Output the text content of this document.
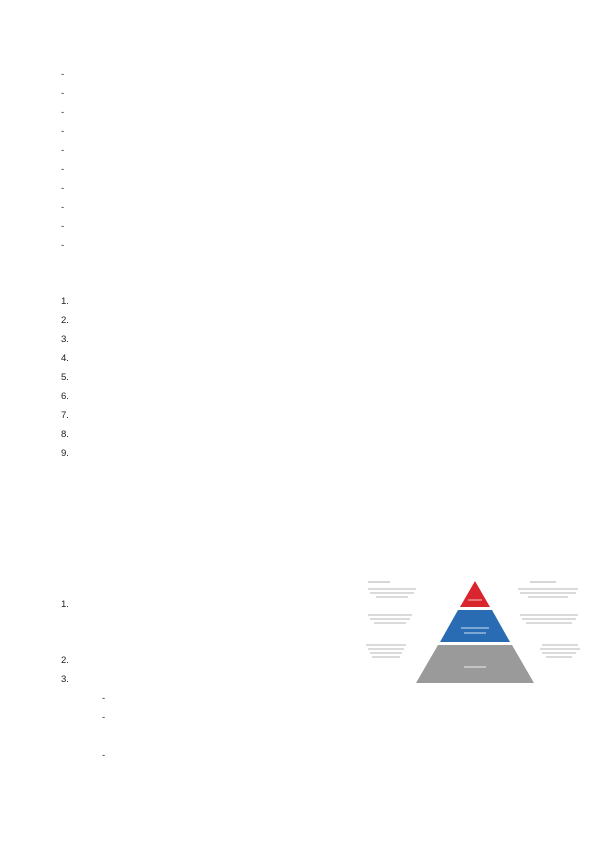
-
-
-
-
-
-
-
-
-
-
1.
2.
3.
4.
5.
6.
7.
8.
9.
1.
2.
3.
-
-
-
